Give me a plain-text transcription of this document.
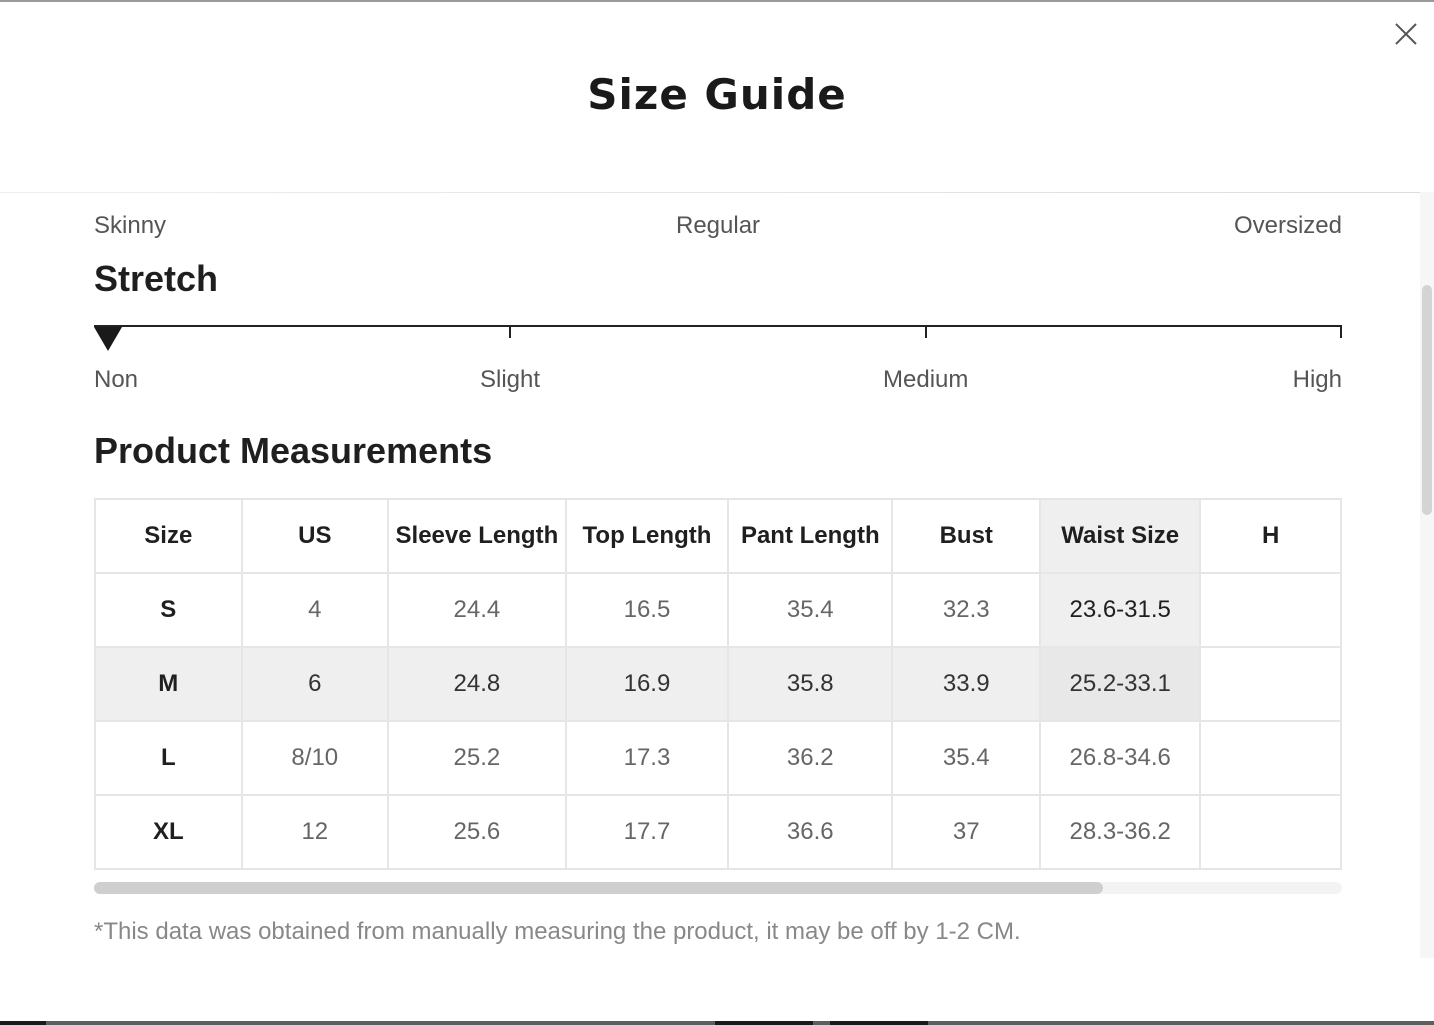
Size Guide
Skinny	Regular	Oversized
Stretch
Non	Slight	Medium	High
Product Measurements
Size	US	Sleeve Length	Top Length	Pant Length	Bust	Waist Size	H
S	4	24.4	16.5	35.4	32.3	23.6-31.5	
M	6	24.8	16.9	35.8	33.9	25.2-33.1	
L	8/10	25.2	17.3	36.2	35.4	26.8-34.6	
XL	12	25.6	17.7	36.6	37	28.3-36.2	

*This data was obtained from manually measuring the product, it may be off by 1-2 CM.
